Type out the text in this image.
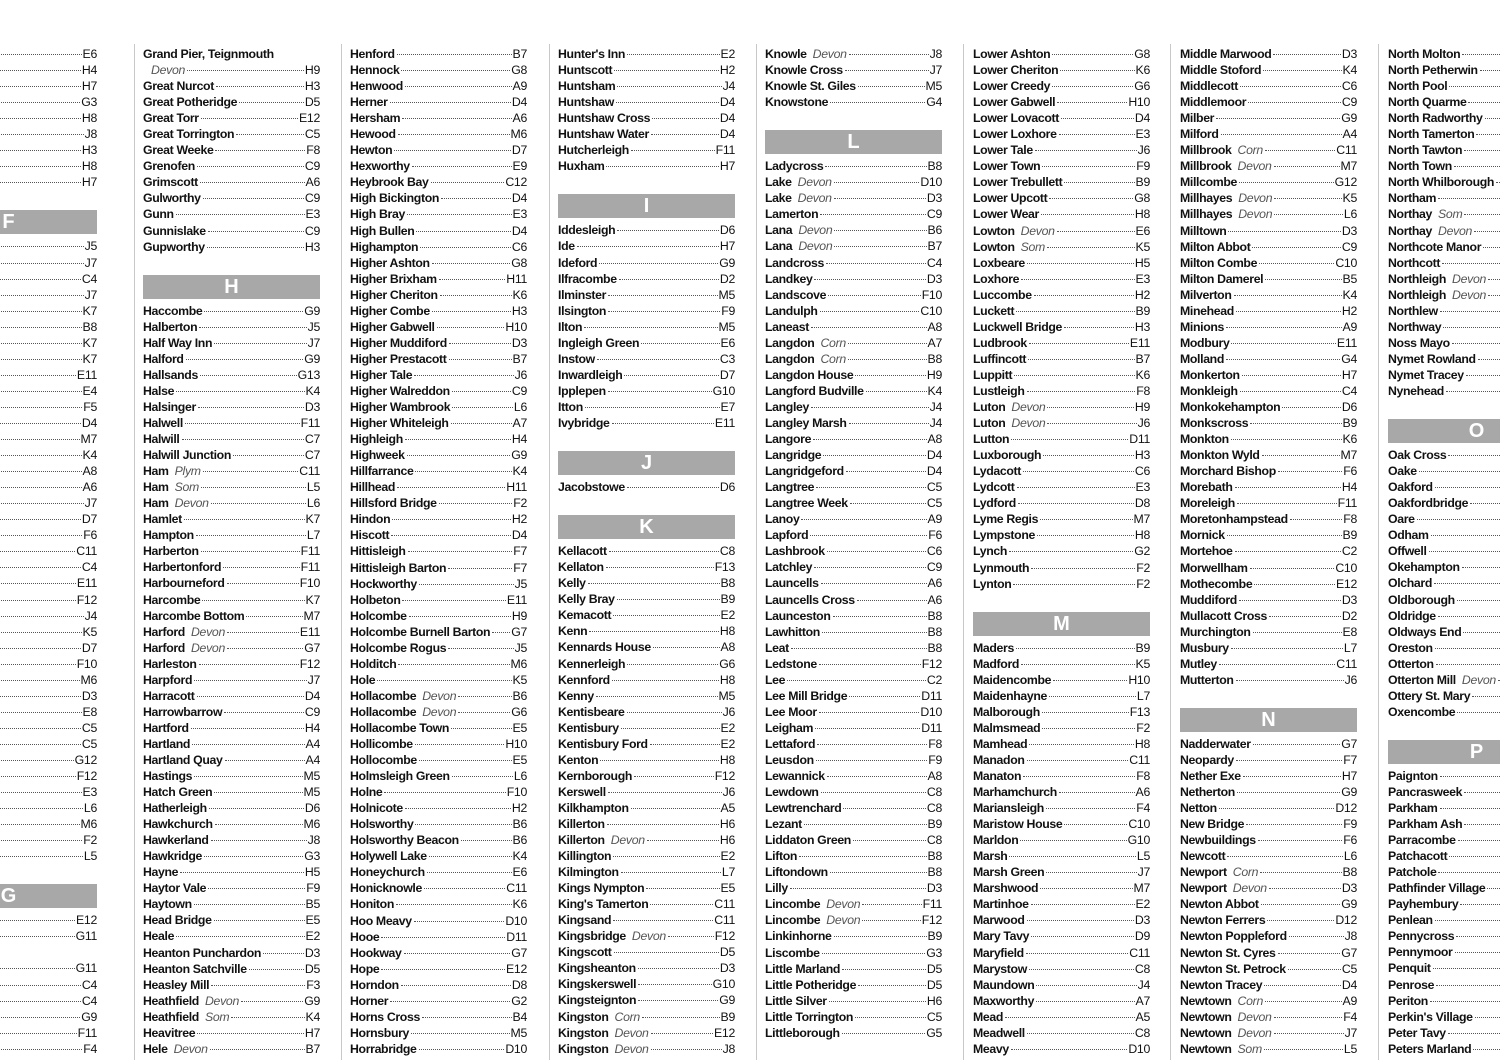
E6
H4
H7
G3
H8
J8
H3
H8
H7
F
J5
J7
C4
J7
K7
B8
K7
K7
E11
E4
F5
D4
M7
K4
A8
A6
J7
D7
F6
C11
C4
E11
F12
J4
K5
D7
F10
M6
D3
E8
C5
C5
G12
F12
E3
L6
M6
F2
L5
G
E12
G11
G11
C4
C4
G9
F11
F4
Grand Pier, Teignmouth
Devon	H9
Great Nurcot	H3
Great Potheridge	D5
Great Torr	E12
Great Torrington	C5
Great Weeke	F8
Grenofen	C9
Grimscott	A6
Gulworthy	C9
Gunn	E3
Gunnislake	C9
Gupworthy	H3
H
Haccombe	G9
Halberton	J5
Half Way Inn	J7
Halford	G9
Hallsands	G13
Halse	K4
Halsinger	D3
Halwell	F11
Halwill	C7
Halwill Junction	C7
Ham Plym	C11
Ham Som	L5
Ham Devon	L6
Hamlet	K7
Hampton	L7
Harberton	F11
Harbertonford	F11
Harbourneford	F10
Harcombe	K7
Harcombe Bottom	M7
Harford Devon	E11
Harford Devon	G7
Harleston	F12
Harpford	J7
Harracott	D4
Harrowbarrow	C9
Hartford	H4
Hartland	A4
Hartland Quay	A4
Hastings	M5
Hatch Green	M5
Hatherleigh	D6
Hawkchurch	M6
Hawkerland	J8
Hawkridge	G3
Hayne	H5
Haytor Vale	F9
Haytown	B5
Head Bridge	E5
Heale	E2
Heanton Punchardon	D3
Heanton Satchville	D5
Heasley Mill	F3
Heathfield Devon	G9
Heathfield Som	K4
Heavitree	H7
Hele Devon	B7
Henford	B7
Hennock	G8
Henwood	A9
Herner	D4
Hersham	A6
Hewood	M6
Hewton	D7
Hexworthy	E9
Heybrook Bay	C12
High Bickington	D4
High Bray	E3
High Bullen	D4
Highampton	C6
Higher Ashton	G8
Higher Brixham	H11
Higher Cheriton	K6
Higher Combe	H3
Higher Gabwell	H10
Higher Muddiford	D3
Higher Prestacott	B7
Higher Tale	J6
Higher Walreddon	C9
Higher Wambrook	L6
Higher Whiteleigh	A7
Highleigh	H4
Highweek	G9
Hillfarrance	K4
Hillhead	H11
Hillsford Bridge	F2
Hindon	H2
Hiscott	D4
Hittisleigh	F7
Hittisleigh Barton	F7
Hockworthy	J5
Holbeton	E11
Holcombe	H9
Holcombe Burnell Barton G7
Holcombe Rogus	J5
Holditch	M6
Hole	K5
Hollacombe Devon	B6
Hollacombe Devon	G6
Hollacombe Town	E5
Hollicombe	H10
Hollocombe	E5
Holmsleigh Green	L6
Holne	F10
Holnicote	H2
Holsworthy	B6
Holsworthy Beacon	B6
Holywell Lake	K4
Honeychurch	E6
Honicknowle	C11
Honiton	K6
Hoo Meavy	D10
Hooe	D11
Hookway	G7
Hope	E12
Horndon	D8
Horner	G2
Horns Cross	B4
Hornsbury	M5
Horrabridge	D10
Hunter's Inn	E2
Huntscott	H2
Huntsham	J4
Huntshaw	D4
Huntshaw Cross	D4
Huntshaw Water	D4
Hutcherleigh	F11
Huxham	H7
I
Iddesleigh	D6
Ide	H7
Ideford	G9
Ilfracombe	D2
Ilminster	M5
Ilsington	F9
Ilton	M5
Ingleigh Green	E6
Instow	C3
Inwardleigh	D7
Ipplepen	G10
Itton	E7
Ivybridge	E11
J
Jacobstowe	D6
K
Kellacott	C8
Kellaton	F13
Kelly	B8
Kelly Bray	B9
Kemacott	E2
Kenn	H8
Kennards House	A8
Kennerleigh	G6
Kennford	H8
Kenny	M5
Kentisbeare	J6
Kentisbury	E2
Kentisbury Ford	E2
Kenton	H8
Kernborough	F12
Kerswell	J6
Kilkhampton	A5
Killerton	H6
Killerton Devon	H6
Killington	E2
Kilmington	L7
Kings Nympton	E5
King's Tamerton	C11
Kingsand	C11
Kingsbridge Devon	F12
Kingscott	D5
Kingsheanton	D3
Kingskerswell	G10
Kingsteignton	G9
Kingston Corn	B9
Kingston Devon	E12
Kingston Devon	J8
Knowle Devon	J8
Knowle Cross	J7
Knowle St. Giles	M5
Knowstone	G4
L
Ladycross	B8
Lake Devon	D10
Lake Devon	D3
Lamerton	C9
Lana Devon	B6
Lana Devon	B7
Landcross	C4
Landkey	D3
Landscove	F10
Landulph	C10
Laneast	A8
Langdon Corn	A7
Langdon Corn	B8
Langdon House	H9
Langford Budville	K4
Langley	J4
Langley Marsh	J4
Langore	A8
Langridge	D4
Langridgeford	D4
Langtree	C5
Langtree Week	C5
Lanoy	A9
Lapford	F6
Lashbrook	C6
Latchley	C9
Launcells	A6
Launcells Cross	A6
Launceston	B8
Lawhitton	B8
Leat	B8
Ledstone	F12
Lee	C2
Lee Mill Bridge	D11
Lee Moor	D10
Leigham	D11
Lettaford	F8
Leusdon	F9
Lewannick	A8
Lewdown	C8
Lewtrenchard	C8
Lezant	B9
Liddaton Green	C8
Lifton	B8
Liftondown	B8
Lilly	D3
Lincombe Devon	F11
Lincombe Devon	F12
Linkinhorne	B9
Liscombe	G3
Little Marland	D5
Little Potheridge	D5
Little Silver	H6
Little Torrington	C5
Littleborough	G5
Lower Ashton	G8
Lower Cheriton	K6
Lower Creedy	G6
Lower Gabwell	H10
Lower Lovacott	D4
Lower Loxhore	E3
Lower Tale	J6
Lower Town	F9
Lower Trebullett	B9
Lower Upcott	G8
Lower Wear	H8
Lowton Devon	E6
Lowton Som	K5
Loxbeare	H5
Loxhore	E3
Luccombe	H2
Luckett	B9
Luckwell Bridge	H3
Ludbrook	E11
Luffincott	B7
Luppitt	K6
Lustleigh	F8
Luton Devon	H9
Luton Devon	J6
Lutton	D11
Luxborough	H3
Lydacott	C6
Lydcott	E3
Lydford	D8
Lyme Regis	M7
Lympstone	H8
Lynch	G2
Lynmouth	F2
Lynton	F2
M
Maders	B9
Madford	K5
Maidencombe	H10
Maidenhayne	L7
Malborough	F13
Malmsmead	F2
Mamhead	H8
Manadon	C11
Manaton	F8
Marhamchurch	A6
Mariansleigh	F4
Maristow House	C10
Marldon	G10
Marsh	L5
Marsh Green	J7
Marshwood	M7
Martinhoe	E2
Marwood	D3
Mary Tavy	D9
Maryfield	C11
Marystow	C8
Maundown	J4
Maxworthy	A7
Mead	A5
Meadwell	C8
Meavy	D10
Middle Marwood	D3
Middle Stoford	K4
Middlecott	C6
Middlemoor	C9
Milber	G9
Milford	A4
Millbrook Corn	C11
Millbrook Devon	M7
Millcombe	G12
Millhayes Devon	K5
Millhayes Devon	L6
Milltown	D3
Milton Abbot	C9
Milton Combe	C10
Milton Damerel	B5
Milverton	K4
Minehead	H2
Minions	A9
Modbury	E11
Molland	G4
Monkerton	H7
Monkleigh	C4
Monkokehampton	D6
Monkscross	B9
Monkton	K6
Monkton Wyld	M7
Morchard Bishop	F6
Morebath	H4
Moreleigh	F11
Moretonhampstead	F8
Mornick	B9
Mortehoe	C2
Morwellham	C10
Mothecombe	E12
Muddiford	D3
Mullacott Cross	D2
Murchington	E8
Musbury	L7
Mutley	C11
Mutterton	J6
N
Nadderwater	G7
Neopardy	F7
Nether Exe	H7
Netherton	G9
Netton	D12
New Bridge	F9
Newbuildings	F6
Newcott	L6
Newport Corn	B8
Newport Devon	D3
Newton Abbot	G9
Newton Ferrers	D12
Newton Poppleford	J8
Newton St. Cyres	G7
Newton St. Petrock	C5
Newton Tracey	D4
Newtown Corn	A9
Newtown Devon	F4
Newtown Devon	J7
Newtown Som	L5
North Molton
North Petherwin
North Pool
North Quarme
North Radworthy
North Tamerton
North Tawton
North Town
North Whilborough
Northam
Northay Som
Northay Devon
Northcote Manor
Northcott
Northleigh Devon
Northleigh Devon
Northlew
Northway
Noss Mayo
Nymet Rowland
Nymet Tracey
Nynehead
O
Oak Cross
Oake
Oakford
Oakfordbridge
Oare
Odham
Offwell
Okehampton
Olchard
Oldborough
Oldridge
Oldways End
Oreston
Otterton
Otterton Mill Devon
Ottery St. Mary
Oxencombe
P
Paignton
Pancrasweek
Parkham
Parkham Ash
Parracombe
Patchacott
Patchole
Pathfinder Village
Payhembury
Penlean
Pennycross
Pennymoor
Penquit
Penrose
Periton
Perkin's Village
Peter Tavy
Peters Marland
